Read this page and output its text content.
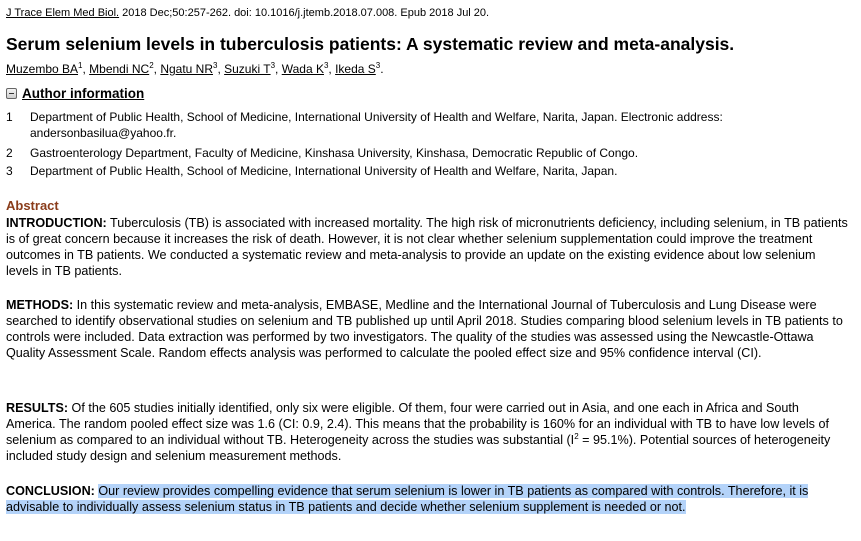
J Trace Elem Med Biol. 2018 Dec;50:257-262. doi: 10.1016/j.jtemb.2018.07.008. Epub 2018 Jul 20.
Serum selenium levels in tuberculosis patients: A systematic review and meta-analysis.
Muzembo $BA^1$, Mbendi $NC^2$, Ngatu $NR^3$, Suzuki $T^3$, Wada $K^3$, Ikeda $S^3$.
Author information
1	Department of Public Health, School of Medicine, International University of Health and Welfare, Narita, Japan. Electronic address: andersonbasilua@yahoo.fr.
2	Gastroenterology Department, Faculty of Medicine, Kinshasa University, Kinshasa, Democratic Republic of Congo.
3	Department of Public Health, School of Medicine, International University of Health and Welfare, Narita, Japan.
Abstract

INTRODUCTION: Tuberculosis (TB) is associated with increased mortality. The high risk of micronutrients deficiency, including selenium, in TB patients is of great concern because it increases the risk of death. However, it is not clear whether selenium supplementation could improve the treatment outcomes in TB patients. We conducted a systematic review and meta-analysis to provide an update on the existing evidence about low selenium levels in TB patients.

METHODS: In this systematic review and meta-analysis, EMBASE, Medline and the International Journal of Tuberculosis and Lung Disease were searched to identify observational studies on selenium and TB published up until April 2018. Studies comparing blood selenium levels in TB patients to controls were included. Data extraction was performed by two investigators. The quality of the studies was assessed using the Newcastle-Ottawa Quality Assessment Scale. Random effects analysis was performed to calculate the pooled effect size and 95% confidence interval (CI).

RESULTS: Of the 605 studies initially identified, only six were eligible. Of them, four were carried out in Asia, and one each in Africa and South America. The random pooled effect size was 1.6 (CI: 0.9, 2.4). This means that the probability is 160% for an individual with TB to have low levels of selenium as compared to an individual without TB. Heterogeneity across the studies was substantial $(I^2 = 95.1\%)$. Potential sources of heterogeneity included study design and selenium measurement methods.

CONCLUSION: Our review provides compelling evidence that serum selenium is lower in TB patients as compared with controls. Therefore, it is advisable to individually assess selenium status in TB patients and decide whether selenium supplement is needed or not.
